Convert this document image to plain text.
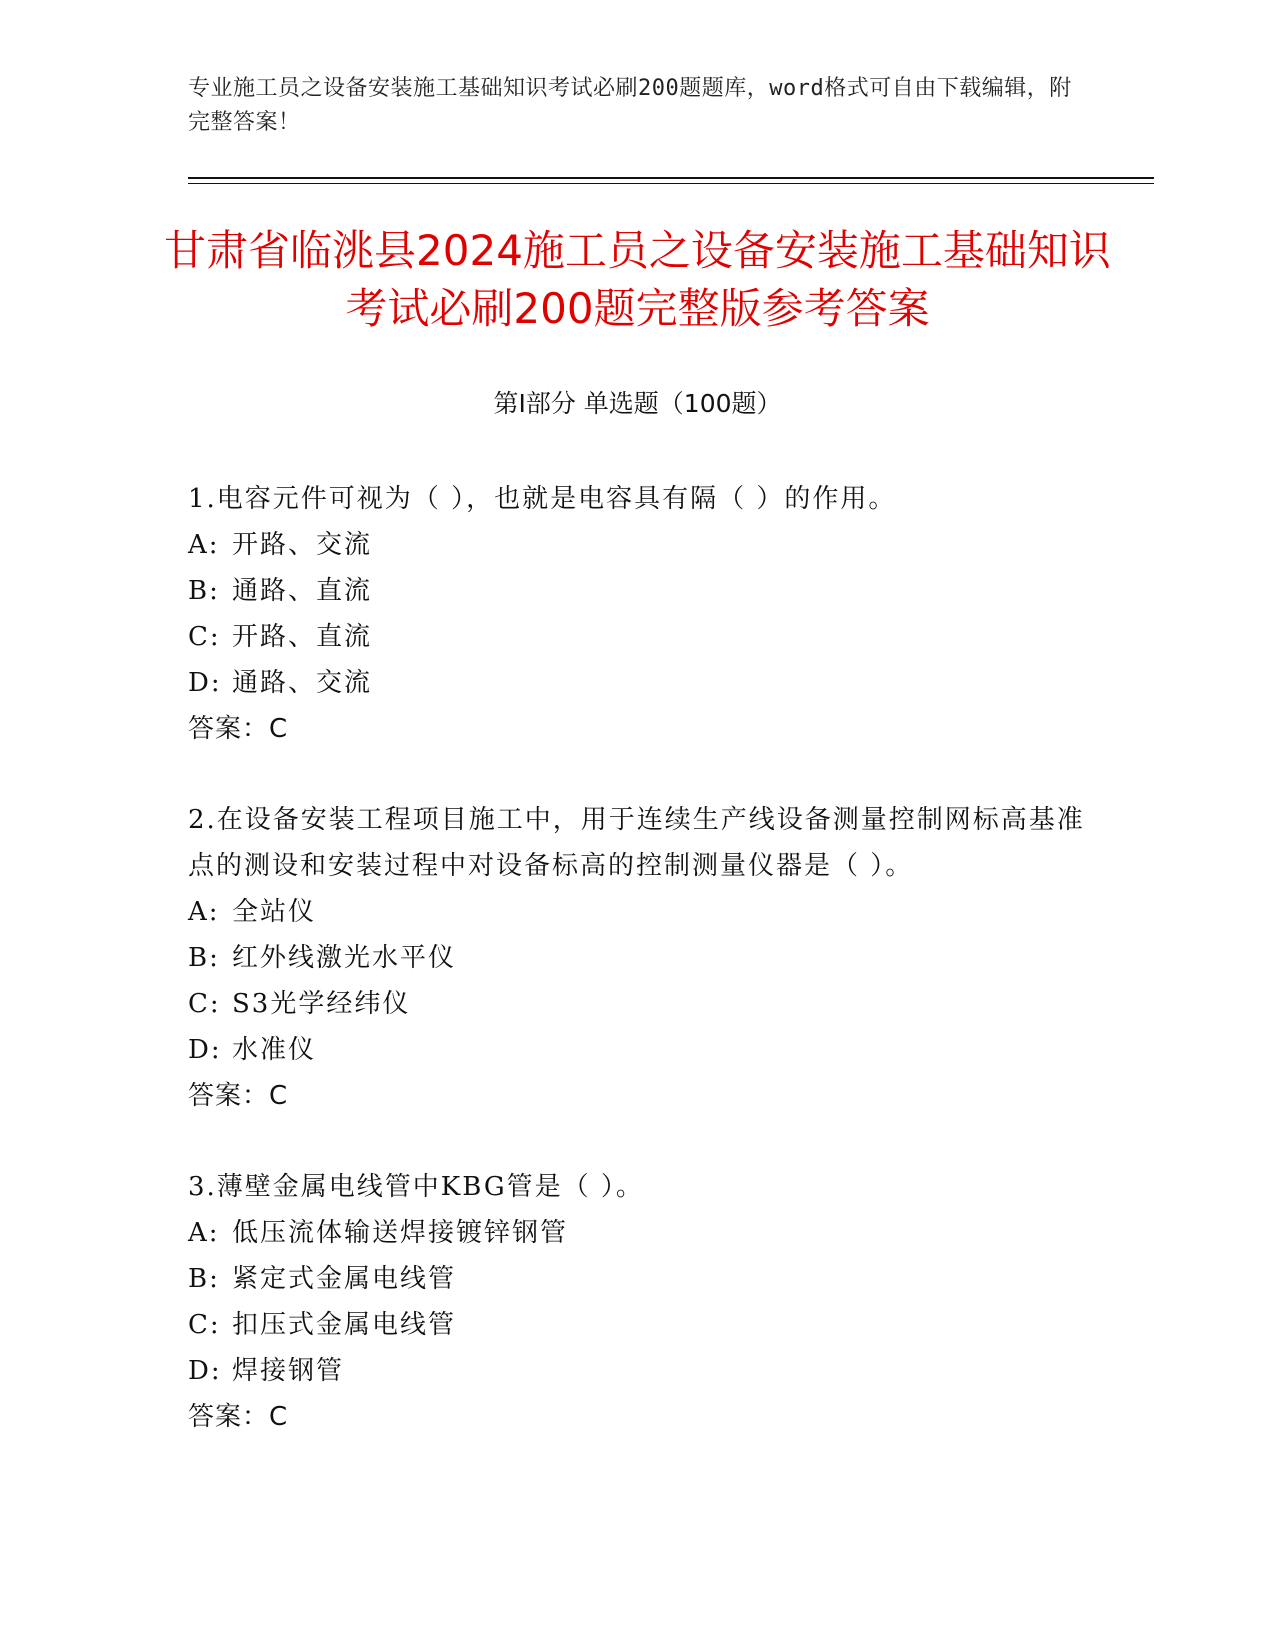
专业施工员之设备安装施工基础知识考试必刷200题题库，word格式可自由下载编辑，附完整答案！
甘肃省临洮县2024施工员之设备安装施工基础知识考试必刷200题完整版参考答案
第Ⅰ部分 单选题（100题）
1.电容元件可视为（ ），也就是电容具有隔（ ）的作用。
A: 开路、交流
B: 通路、直流
C: 开路、直流
D: 通路、交流
答案：C
2.在设备安装工程项目施工中，用于连续生产线设备测量控制网标高基准点的测设和安装过程中对设备标高的控制测量仪器是（ ）。
A: 全站仪
B: 红外线激光水平仪
C: S3光学经纬仪
D: 水准仪
答案：C
3.薄壁金属电线管中KBG管是（ ）。
A: 低压流体输送焊接镀锌钢管
B: 紧定式金属电线管
C: 扣压式金属电线管
D: 焊接钢管
答案：C
